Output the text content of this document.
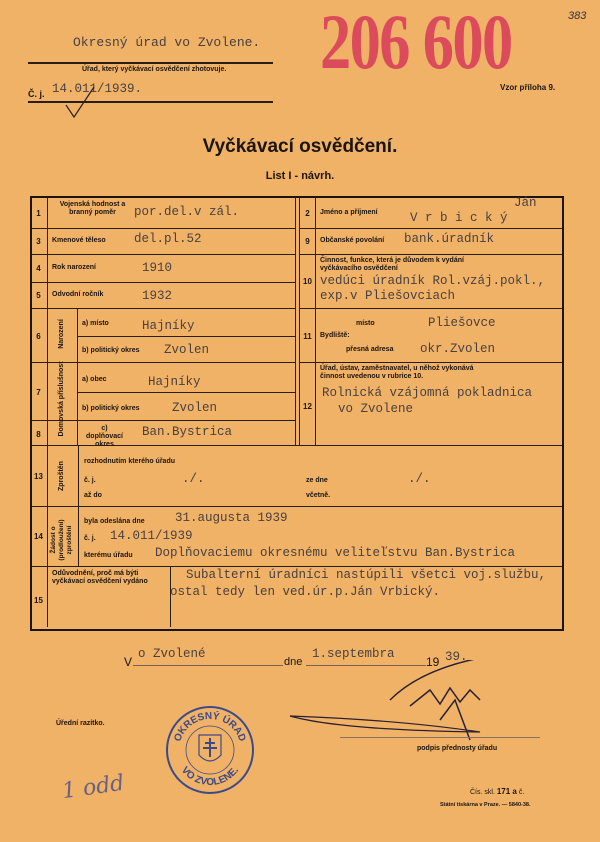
Okresný úrad vo Zvolene.
Úřad, který vyčkávací osvědčení zhotovuje.
Č. j. 14.011/1939.
206 600
Vzor příloha 9.
383
Vyčkávací osvědčení.
List I - návrh.
1
Vojenská hodnost a branný poměr	por.del.v zál.	2	Jméno a příjmení
Ján
V r b i c k ý
3	Kmenové těleso del.pl.52	9	Občanské povolání bank.úradník
4	Rok narození	1910
5	Odvodní ročník	1932
10
Činnost, funkce, která je důvodem k vydání vyčkávacího osvědčení
vedúci úradník Rol.vzáj.pokl.,
exp.v Pliešovciach
6	Narození a) místo	Hajníky
b) politický okres Zvolen
11	Bydliště:
místo	Pliešovce
přesná adresa okr.Zvolen
7	Domovská příslušnost a) obec	Hajníky
b) politický okres	Zvolen
8
c) doplňovací okres
Ban.Bystrica
12
Úřad, ústav, zaměstnavatel, u něhož vykonává činnost uvedenou v rubrice 10.
Rolnická vzájomná pokladnica
vo Zvolene
13	Zproštěn	rozhodnutím kterého úřadu
č. j.	./.	ze dne	./.
až do	včetně.
14	Žádost o (prodloužení) zproštění
byla odeslána dne 31.augusta 1939
č. j. 14.011/1939
kterému úřadu Doplňovaciemu okresnému veliteľstvu Ban.Bystrica
15
Odůvodnění, proč má býti vyčkávací osvědčení vydáno	Subalterní úradníci nastúpili všetci voj.službu,
ostal tedy len ved.úr.p.Ján Vrbický.
V
o Zvolené
dne
1.septembra
19 39.
Úřední razítko.
OKRESNÝ ÚRAD
VO ZVOLENE.
podpis přednosty úřadu
Čís. skl. 171 a č.
Státní tiskárna v Praze. — 5840-38.
1 odd
